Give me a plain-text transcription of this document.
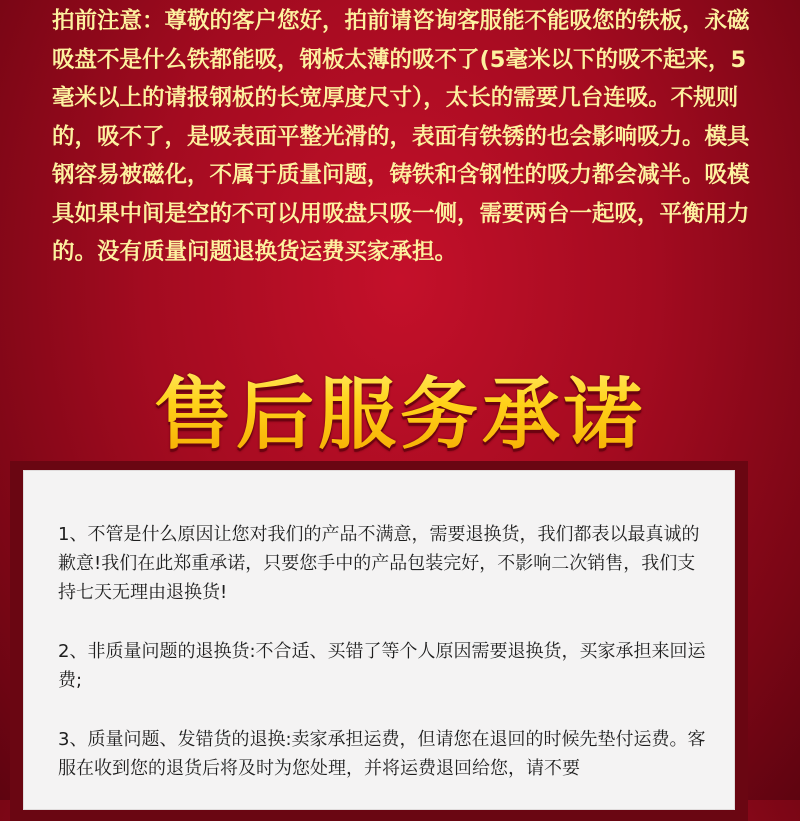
拍前注意：尊敬的客户您好，拍前请咨询客服能不能吸您的铁板，永磁吸盘不是什么铁都能吸，钢板太薄的吸不了(5毫米以下的吸不起来，5毫米以上的请报钢板的长宽厚度尺寸），太长的需要几台连吸。不规则的，吸不了，是吸表面平整光滑的，表面有铁锈的也会影响吸力。模具钢容易被磁化，不属于质量问题，铸铁和含钢性的吸力都会减半。吸模具如果中间是空的不可以用吸盘只吸一侧，需要两台一起吸，平衡用力的。没有质量问题退换货运费买家承担。
售后服务承诺

1、不管是什么原因让您对我们的产品不满意，需要退换货，我们都表以最真诚的歉意!我们在此郑重承诺，只要您手中的产品包装完好，不影响二次销售，我们支持七天无理由退换货!

2、非质量问题的退换货:不合适、买错了等个人原因需要退换货，买家承担来回运费;

3、质量问题、发错货的退换:卖家承担运费，但请您在退回的时候先垫付运费。客服在收到您的退货后将及时为您处理，并将运费退回给您，请不要
